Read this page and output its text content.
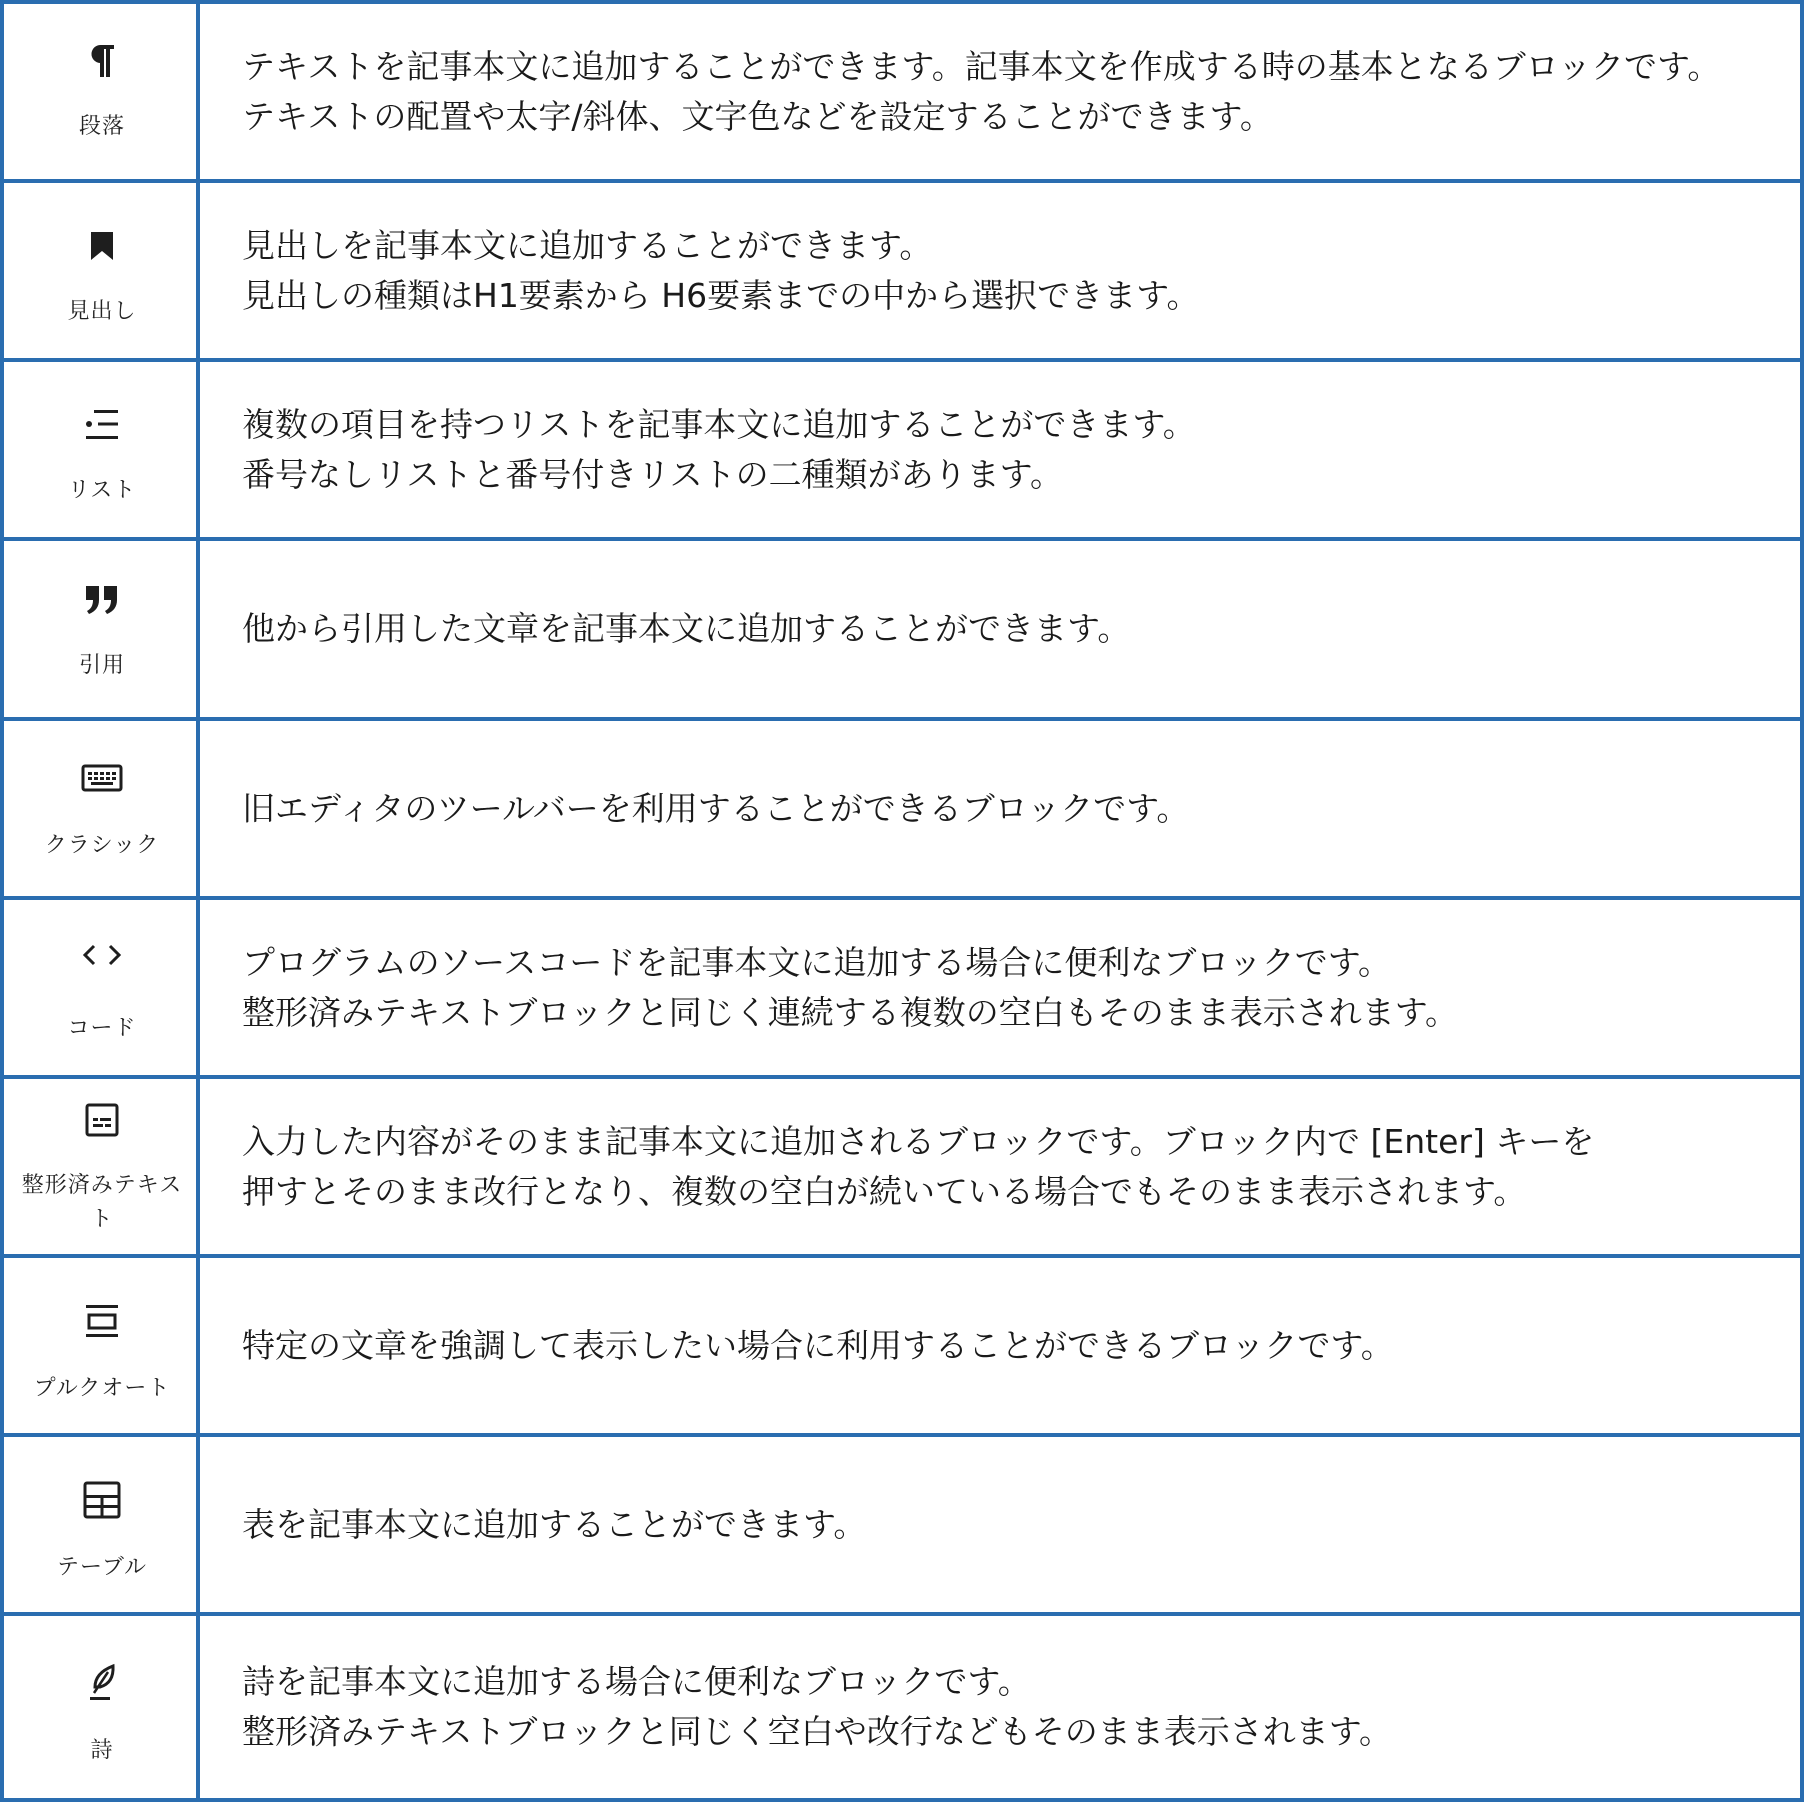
段落
テキストを記事本文に追加することができます。記事本文を作成する時の基本となるブロックです。
テキストの配置や太字/斜体、文字色などを設定することができます。
見出し
見出しを記事本文に追加することができます。
見出しの種類はH1要素から H6要素までの中から選択できます。
リスト
複数の項目を持つリストを記事本文に追加することができます。
番号なしリストと番号付きリストの二種類があります。
引用
他から引用した文章を記事本文に追加することができます。
クラシック
旧エディタのツールバーを利用することができるブロックです。
コード
プログラムのソースコードを記事本文に追加する場合に便利なブロックです。
整形済みテキストブロックと同じく連続する複数の空白もそのまま表示されます。
整形済みテキス
ト
入力した内容がそのまま記事本文に追加されるブロックです。ブロック内で [Enter] キーを
押すとそのまま改行となり、複数の空白が続いている場合でもそのまま表示されます。
プルクオート
特定の文章を強調して表示したい場合に利用することができるブロックです。
テーブル
表を記事本文に追加することができます。
詩
詩を記事本文に追加する場合に便利なブロックです。
整形済みテキストブロックと同じく空白や改行などもそのまま表示されます。
